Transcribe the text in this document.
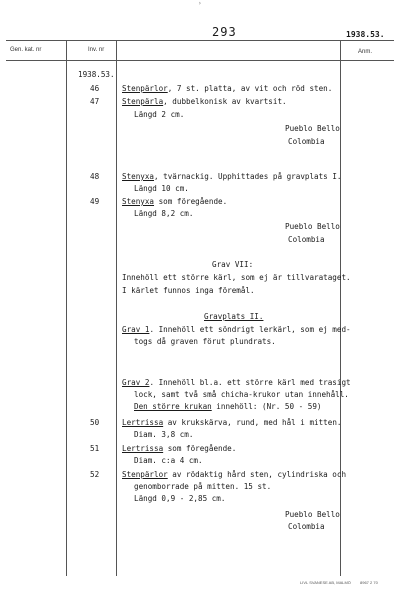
›
293	1938.53.
Gen. kat. nr	Inv. nr	Anm.
1938.53.
46	Stenpärlor, 7 st. platta, av vit och röd sten.
47	Stenpärla, dubbelkonisk av kvartsit.
Längd 2 cm.
Pueblo Bello
Colombia
48	Stenyxa, tvärnackig. Upphittades på gravplats I.
Längd 10 cm.
49	Stenyxa som föregående.
Längd 8,2 cm.
Pueblo Bello
Colombia
Grav VII:
Innehöll ett större kärl, som ej är tillvarataget.
I kärlet funnos inga föremål.
Gravplats II.
Grav 1. Innehöll ett söndrigt lerkärl, som ej med-
togs då graven förut plundrats.
Grav 2. Innehöll bl.a. ett större kärl med trasigt
lock, samt två små chicha-krukor utan innehåll.
Den större krukan innehöll: (Nr. 50 - 59)
50	Lertrissa av krukskärva, rund, med hål i mitten.
Diam. 3,8 cm.
51	Lertrissa som föregående.
Diam. c:a 4 cm.
52	Stenpärlor av rödaktig hård sten, cylindriska och
genomborrade på mitten. 15 st.
Längd 0,9 - 2,85 cm.
Pueblo Bello
Colombia
LIVL SVANESE AB, MALMÖ 8967 2 70
